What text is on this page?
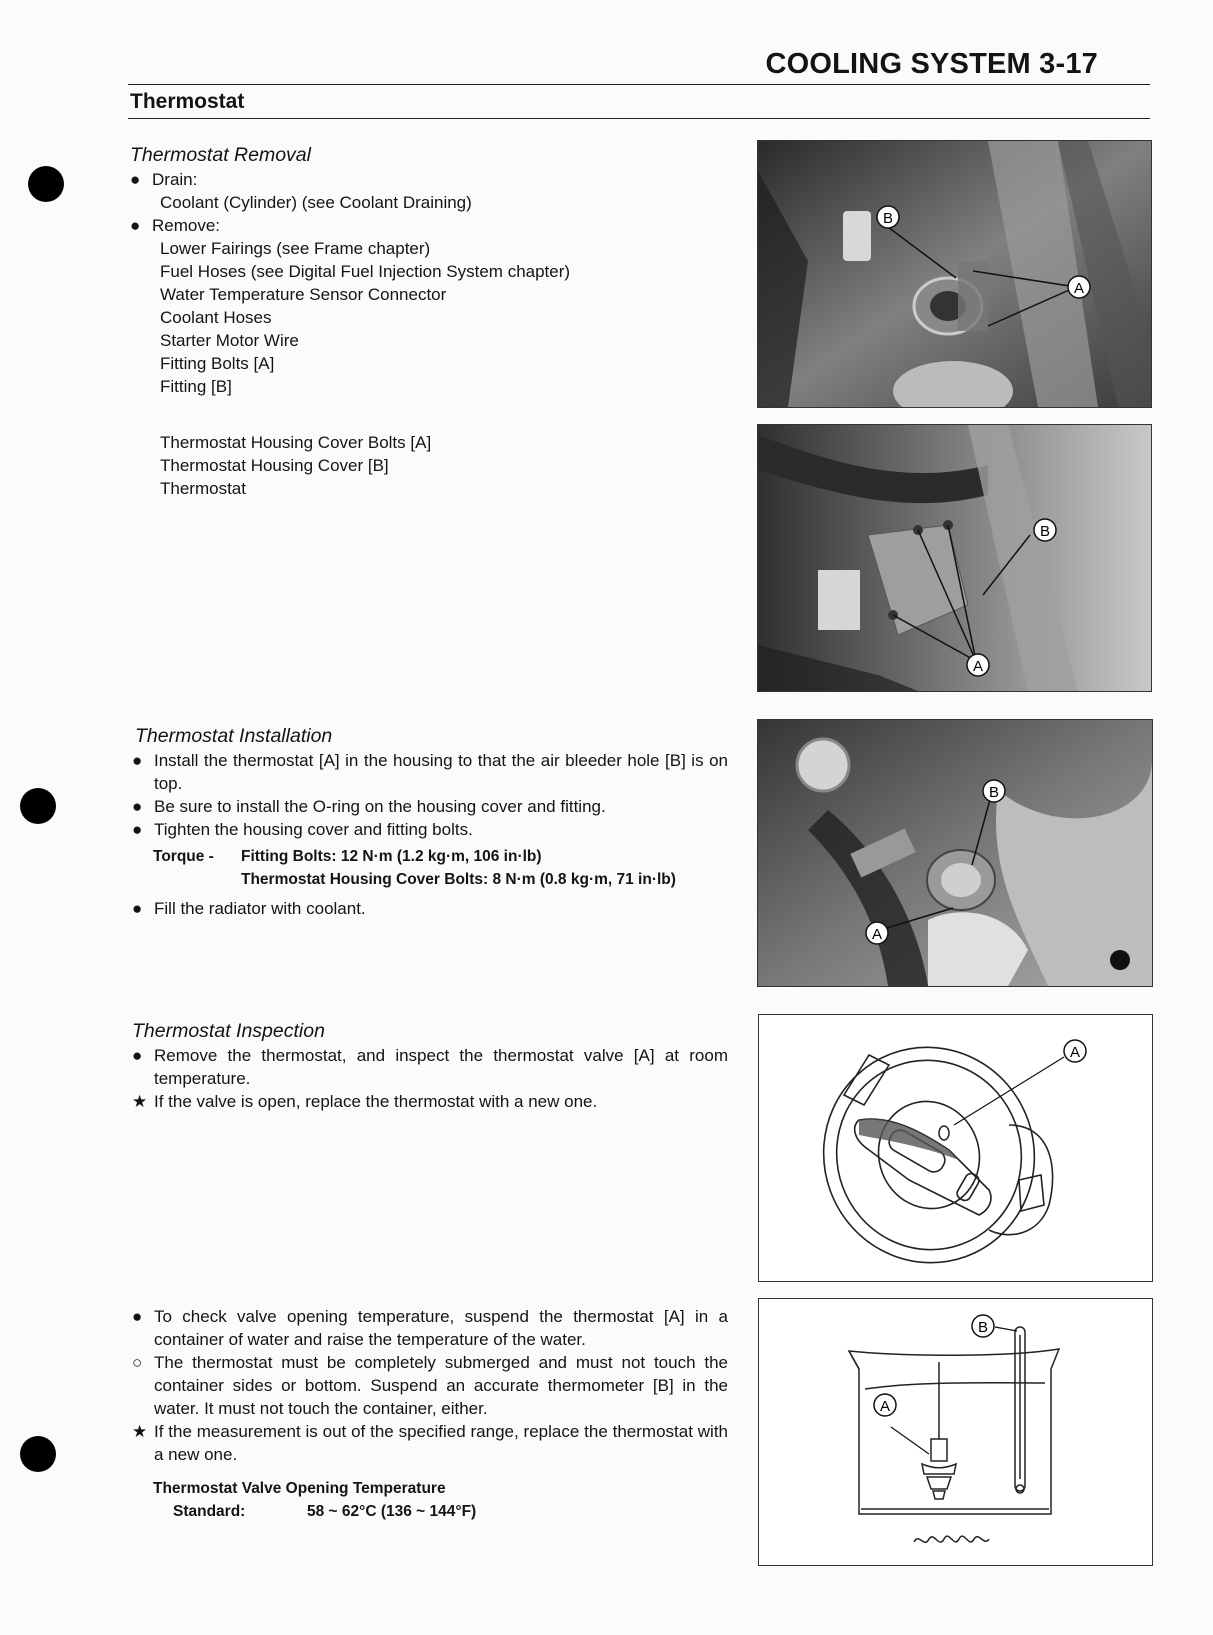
COOLING SYSTEM 3-17
Thermostat
Thermostat Removal
● Drain:
Coolant (Cylinder) (see Coolant Draining)
● Remove:
Lower Fairings (see Frame chapter)
Fuel Hoses (see Digital Fuel Injection System chapter)
Water Temperature Sensor Connector
Coolant Hoses
Starter Motor Wire
Fitting Bolts [A]
Fitting [B]
Thermostat Housing Cover Bolts [A]
Thermostat Housing Cover [B]
Thermostat
Thermostat Installation
● Install the thermostat [A] in the housing to that the air bleeder hole [B] is on top.
● Be sure to install the O-ring on the housing cover and fitting.
● Tighten the housing cover and fitting bolts.
Torque - Fitting Bolts: 12 N·m (1.2 kg·m, 106 in·lb)
Thermostat Housing Cover Bolts: 8 N·m (0.8 kg·m, 71 in·lb)
● Fill the radiator with coolant.
Thermostat Inspection
● Remove the thermostat, and inspect the thermostat valve [A] at room temperature.
★ If the valve is open, replace the thermostat with a new one.
● To check valve opening temperature, suspend the thermostat [A] in a container of water and raise the temperature of the water.
○ The thermostat must be completely submerged and must not touch the container sides or bottom. Suspend an accurate thermometer [B] in the water. It must not touch the container, either.
★ If the measurement is out of the specified range, replace the thermostat with a new one.
Thermostat Valve Opening Temperature
Standard:	58 ~ 62°C (136 ~ 144°F)
B
A
B
A
B
A
A
B
A
